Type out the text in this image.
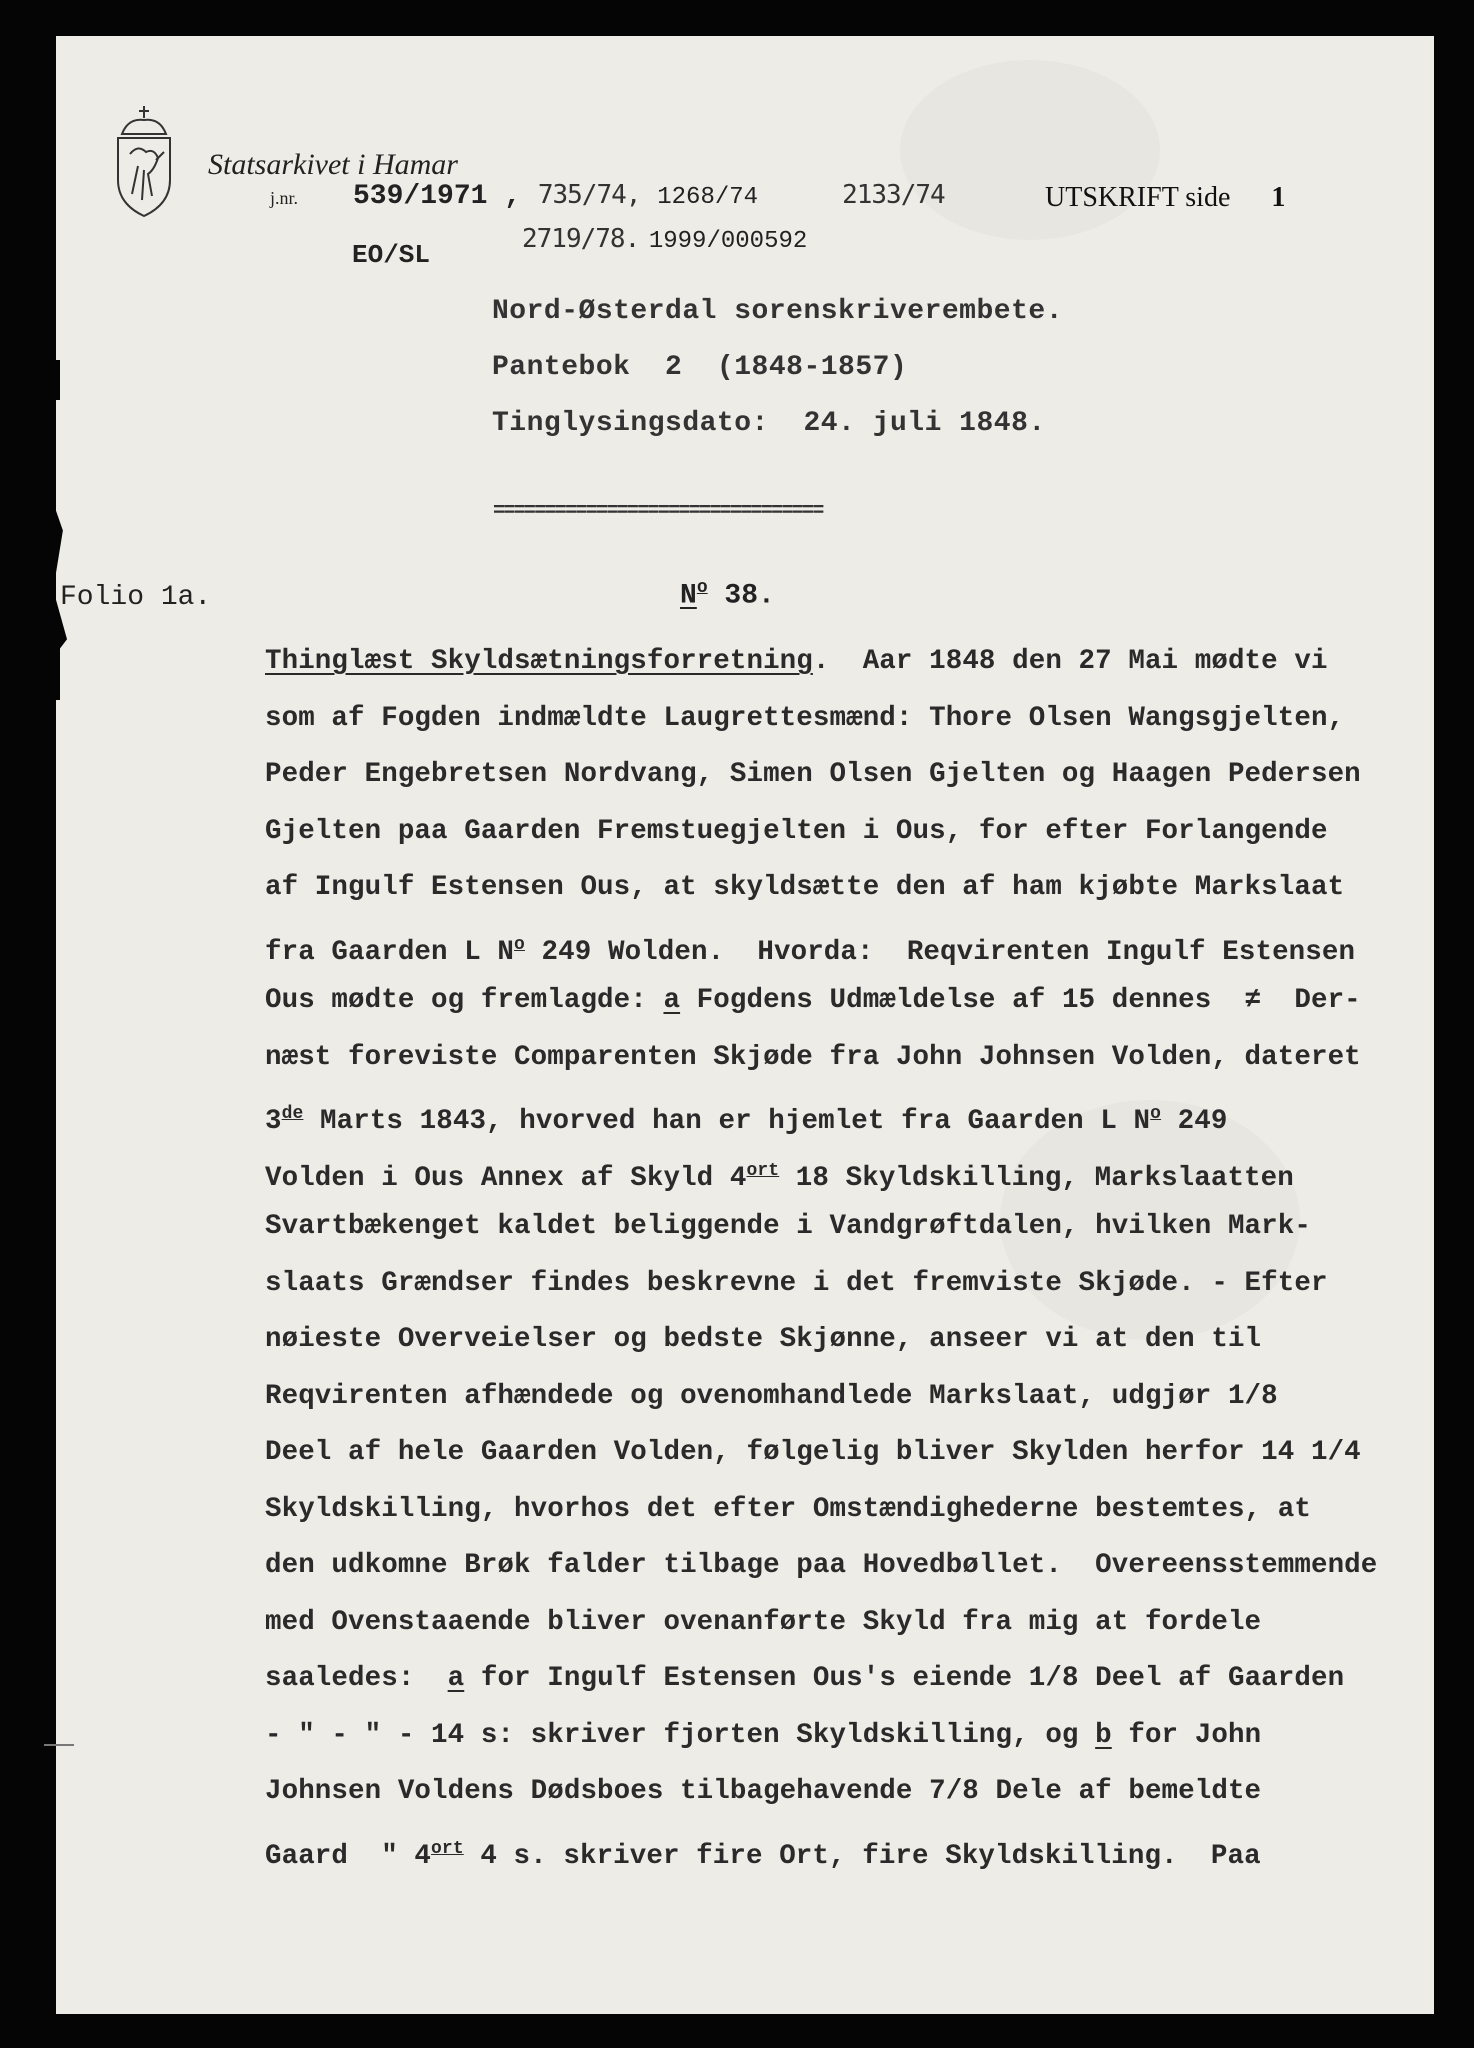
Statsarkivet i Hamar
j.nr. 539/1971 , 735/74, 1268/74	2133/74	UTSKRIFT side 1
2719/78. 1999/000592
EO/SL
Nord-Østerdal sorenskriverembete.
Pantebok  2  (1848-1857)
Tinglysingsdato:  24. juli 1848.
================================
Folio 1a.	$N^o$ 38.
Thinglæst Skyldsætningsforretning.  Aar 1848 den 27 Mai mødte vi
som af Fogden indmældte Laugrettesmænd: Thore Olsen Wangsgjelten,
Peder Engebretsen Nordvang, Simen Olsen Gjelten og Haagen Pedersen
Gjelten paa Gaarden Fremstuegjelten i Ous, for efter Forlangende
af Ingulf Estensen Ous, at skyldsætte den af ham kjøbte Markslaat
fra Gaarden L $N^o$ 249 Wolden.  Hvorda:  Reqvirenten Ingulf Estensen
Ous mødte og fremlagde: a Fogdens Udmældelse af 15 dennes  ≠  Der-
næst foreviste Comparenten Skjøde fra John Johnsen Volden, dateret
3de Marts 1843, hvorved han er hjemlet fra Gaarden L $N^o$ 249
Volden i Ous Annex af Skyld $4^{ort}$ 18 Skyldskilling, Markslaatten
Svartbækenget kaldet beliggende i Vandgrøftdalen, hvilken Mark-
slaats Grændser findes beskrevne i det fremviste Skjøde. - Efter
nøieste Overveielser og bedste Skjønne, anseer vi at den til
Reqvirenten afhændede og ovenomhandlede Markslaat, udgjør 1/8
Deel af hele Gaarden Volden, følgelig bliver Skylden herfor 14 1/4
Skyldskilling, hvorhos det efter Omstændighederne bestemtes, at
den udkomne Brøk falder tilbage paa Hovedbøllet.  Overeensstemmende
med Ovenstaaende bliver ovenanførte Skyld fra mig at fordele
saaledes:  a for Ingulf Estensen Ous's eiende 1/8 Deel af Gaarden
- " - " - 14 s: skriver fjorten Skyldskilling, og b for John
Johnsen Voldens Dødsboes tilbagehavende 7/8 Dele af bemeldte
Gaard  " $4^{ort}$ 4 s. skriver fire Ort, fire Skyldskilling.  Paa
